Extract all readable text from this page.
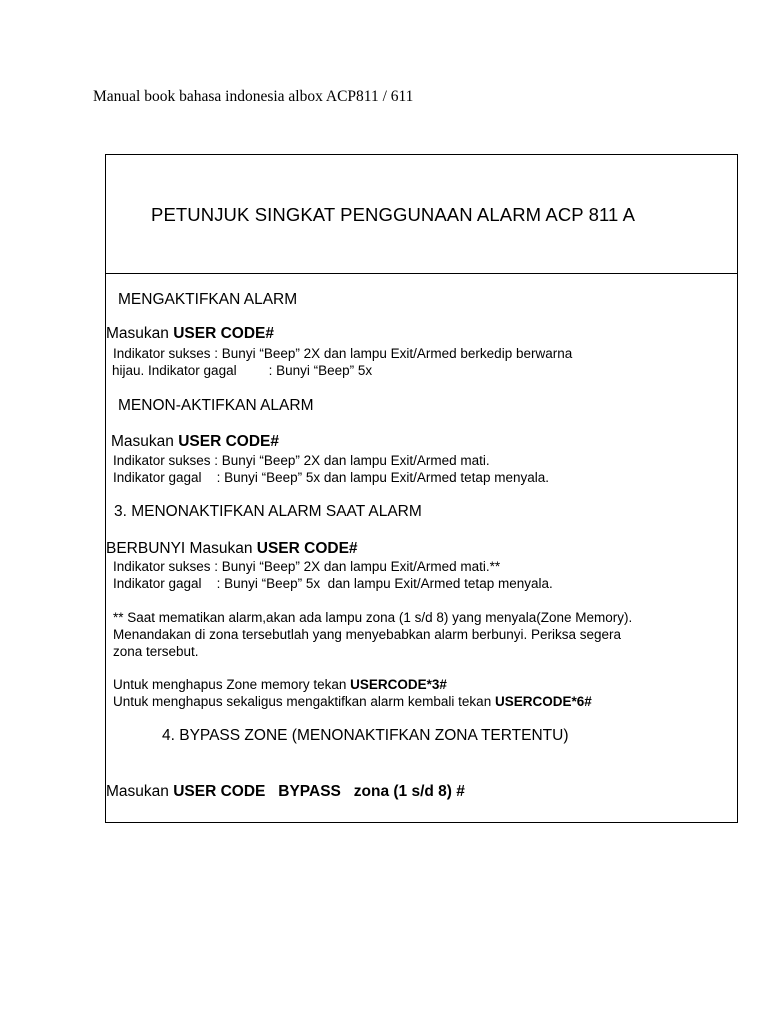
Manual book bahasa indonesia albox ACP811 / 611
PETUNJUK SINGKAT PENGGUNAAN ALARM ACP 811 A
MENGAKTIFKAN ALARM
Masukan USER CODE#
Indikator sukses : Bunyi “Beep” 2X dan lampu Exit/Armed berkedip berwarna
hijau. Indikator gagal : Bunyi “Beep” 5x
MENON-AKTIFKAN ALARM
Masukan USER CODE#
Indikator sukses : Bunyi “Beep” 2X dan lampu Exit/Armed mati.
Indikator gagal    : Bunyi “Beep” 5x dan lampu Exit/Armed tetap menyala.
3. MENONAKTIFKAN ALARM SAAT ALARM
BERBUNYI Masukan USER CODE#
Indikator sukses : Bunyi “Beep” 2X dan lampu Exit/Armed mati.**
Indikator gagal    : Bunyi “Beep” 5x  dan lampu Exit/Armed tetap menyala.
** Saat mematikan alarm,akan ada lampu zona (1 s/d 8) yang menyala(Zone Memory).
Menandakan di zona tersebutlah yang menyebabkan alarm berbunyi. Periksa segera
zona tersebut.
Untuk menghapus Zone memory tekan USERCODE*3#
Untuk menghapus sekaligus mengaktifkan alarm kembali tekan USERCODE*6#
4. BYPASS ZONE (MENONAKTIFKAN ZONA TERTENTU)
Masukan USER CODE   BYPASS   zona (1 s/d 8) #
